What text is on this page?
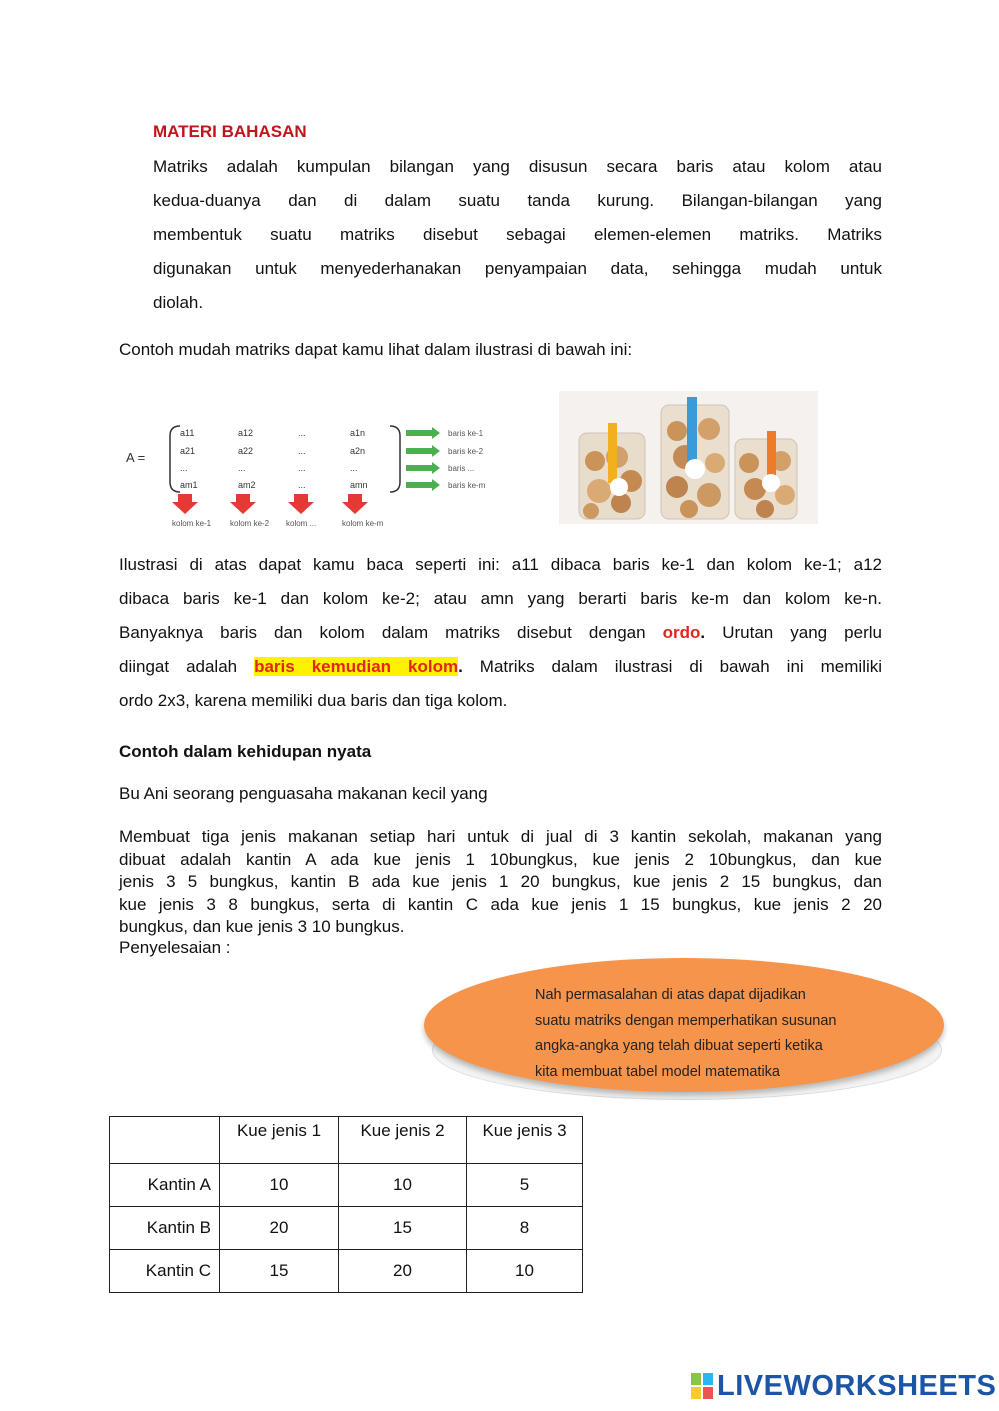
MATERI BAHASAN
Matriks adalah kumpulan bilangan yang disusun secara baris atau kolom atau
kedua-duanya dan di dalam suatu tanda kurung. Bilangan-bilangan yang
membentuk suatu matriks disebut sebagai elemen-elemen matriks. Matriks
digunakan untuk menyederhanakan penyampaian data, sehingga mudah untuk
diolah.
Contoh mudah matriks dapat kamu lihat dalam ilustrasi di bawah ini:
A =
a11	a12	...	a1n
a21	a22	...	a2n
...	...	...	...
am1	am2	...	amn
baris ke-1
baris ke-2
baris ...
baris ke-m
kolom ke-1 kolom ke-2 kolom ...	kolom ke-m
Ilustrasi di atas dapat kamu baca seperti ini: a11 dibaca baris ke-1 dan kolom ke-1; a12
dibaca baris ke-1 dan kolom ke-2; atau amn yang berarti baris ke-m dan kolom ke-n.
Banyaknya baris dan kolom dalam matriks disebut dengan ordo. Urutan yang perlu
diingat adalah baris kemudian kolom. Matriks dalam ilustrasi di bawah ini memiliki
ordo 2x3, karena memiliki dua baris dan tiga kolom.
Contoh dalam kehidupan nyata
Bu Ani seorang penguasaha makanan kecil yang
Membuat tiga jenis makanan setiap hari untuk di jual di 3 kantin sekolah, makanan yang
dibuat adalah kantin A ada kue jenis 1 10bungkus, kue jenis 2 10bungkus, dan kue
jenis 3 5 bungkus, kantin B ada kue jenis 1 20 bungkus, kue jenis 2 15 bungkus, dan
kue jenis 3 8 bungkus, serta di kantin C ada kue jenis 1 15 bungkus, kue jenis 2 20
bungkus, dan kue jenis 3 10 bungkus.
Penyelesaian :
Nah permasalahan di atas dapat dijadikan
suatu matriks dengan memperhatikan susunan
angka-angka yang telah dibuat seperti ketika
kita membuat tabel model matematika
	Kue jenis 1	Kue jenis 2	Kue jenis 3
Kantin A	10	10	5
Kantin B	20	15	8
Kantin C	15	20	10
LIVEWORKSHEETS
